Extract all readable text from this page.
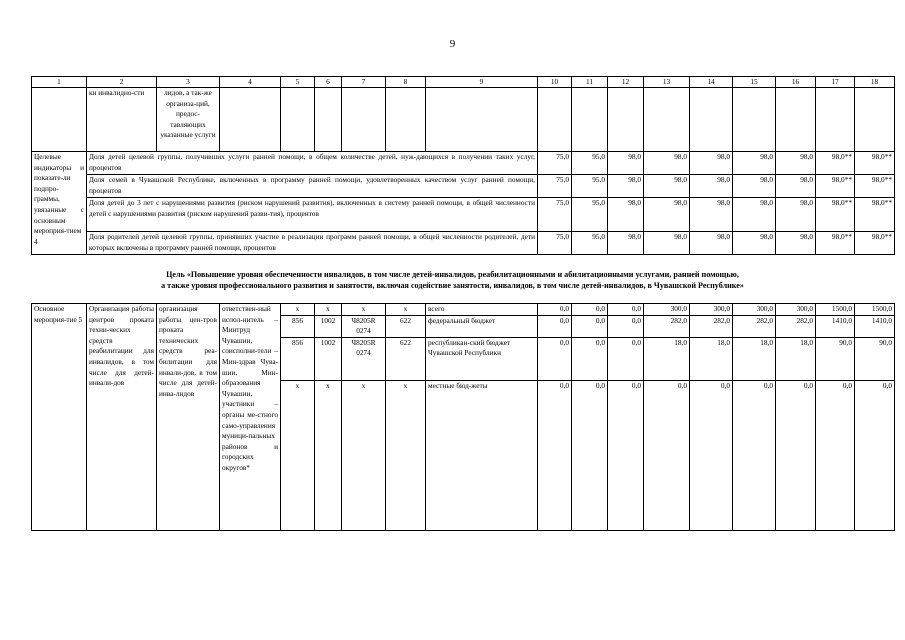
9
1	2	3	4	5	6	7	8	9	10	11	12	13	14	15	16	17	18
	ки инвалидно-сти	лидов, а так-же организа-ций, предос-тавляющих указанные услуги															
Целевые индикаторы и показате-ли подпро-граммы, увязанные с основным мероприя-тием 4	Доля детей целевой группы, получивших услуги ранней помощи, в общем количестве детей, нуж-дающихся в получении таких услуг, процентов								75,0	95,0	98,0	98,0	98,0	98,0	98,0	98,0**	98,0**
	Доля семей в Чувашской Республике, включенных в программу ранней помощи, удовлетворенных качеством услуг ранней помощи, процентов								75,0	95,0	98,0	98,0	98,0	98,0	98,0	98,0**	98,0**
	Доля детей до 3 лет с нарушениями развития (риском нарушений развития), включенных в систему ранней помощи, в общей численности детей с нарушениями развития (риском нарушений разви-тия), процентов								75,0	95,0	98,0	98,0	98,0	98,0	98,0	98,0**	98,0**
	Доля родителей детей целевой группы, принявших участие в реализации программ ранней помощи, в общей численности родителей, дети которых включены в программу ранней помощи, процентов								75,0	95,0	98,0	98,0	98,0	98,0	98,0	98,0**	98,0**
Цель «Повышение уровня обеспеченности инвалидов, в том числе детей-инвалидов, реабилитационными и абилитационными услугами, ранней помощью,
а также уровня профессионального развития и занятости, включая содействие занятости, инвалидов, в том числе детей-инвалидов, в Чувашской Республике»
Основное мероприя-тие 5	Организация работы центров проката техни-ческих средств реабилитации для инвалидов, в том числе для детей-инвали-дов	организация работы цен-тров проката технических средств реа-билитации для инвали-дов, в том числе для детей-инва-лидов	ответствен-ный испол-нитель – Минтруд Чувашии, соисполни-тели – Мин-здрав Чува-шии, Мин-образования Чувашии, участники – органы ме-стного само-управления муници-пальных районов и городских округов*	x	x	x	x	всего	0,0	0,0	0,0	300,0	300,0	300,0	300,0	1500,0	1500,0
				856	1002	Ч8205R 0274	622	федеральный бюджет	0,0	0,0	0,0	282,0	282,0	282,0	282,0	1410,0	1410,0
				856	1002	Ч8205R 0274	622	республикан-ский бюджет Чувашской Республики	0,0	0,0	0,0	18,0	18,0	18,0	18,0	90,0	90,0
				x	x	x	x	местные бюд-жеты	0,0	0,0	0,0	0,0	0,0	0,0	0,0	0,0	0,0
